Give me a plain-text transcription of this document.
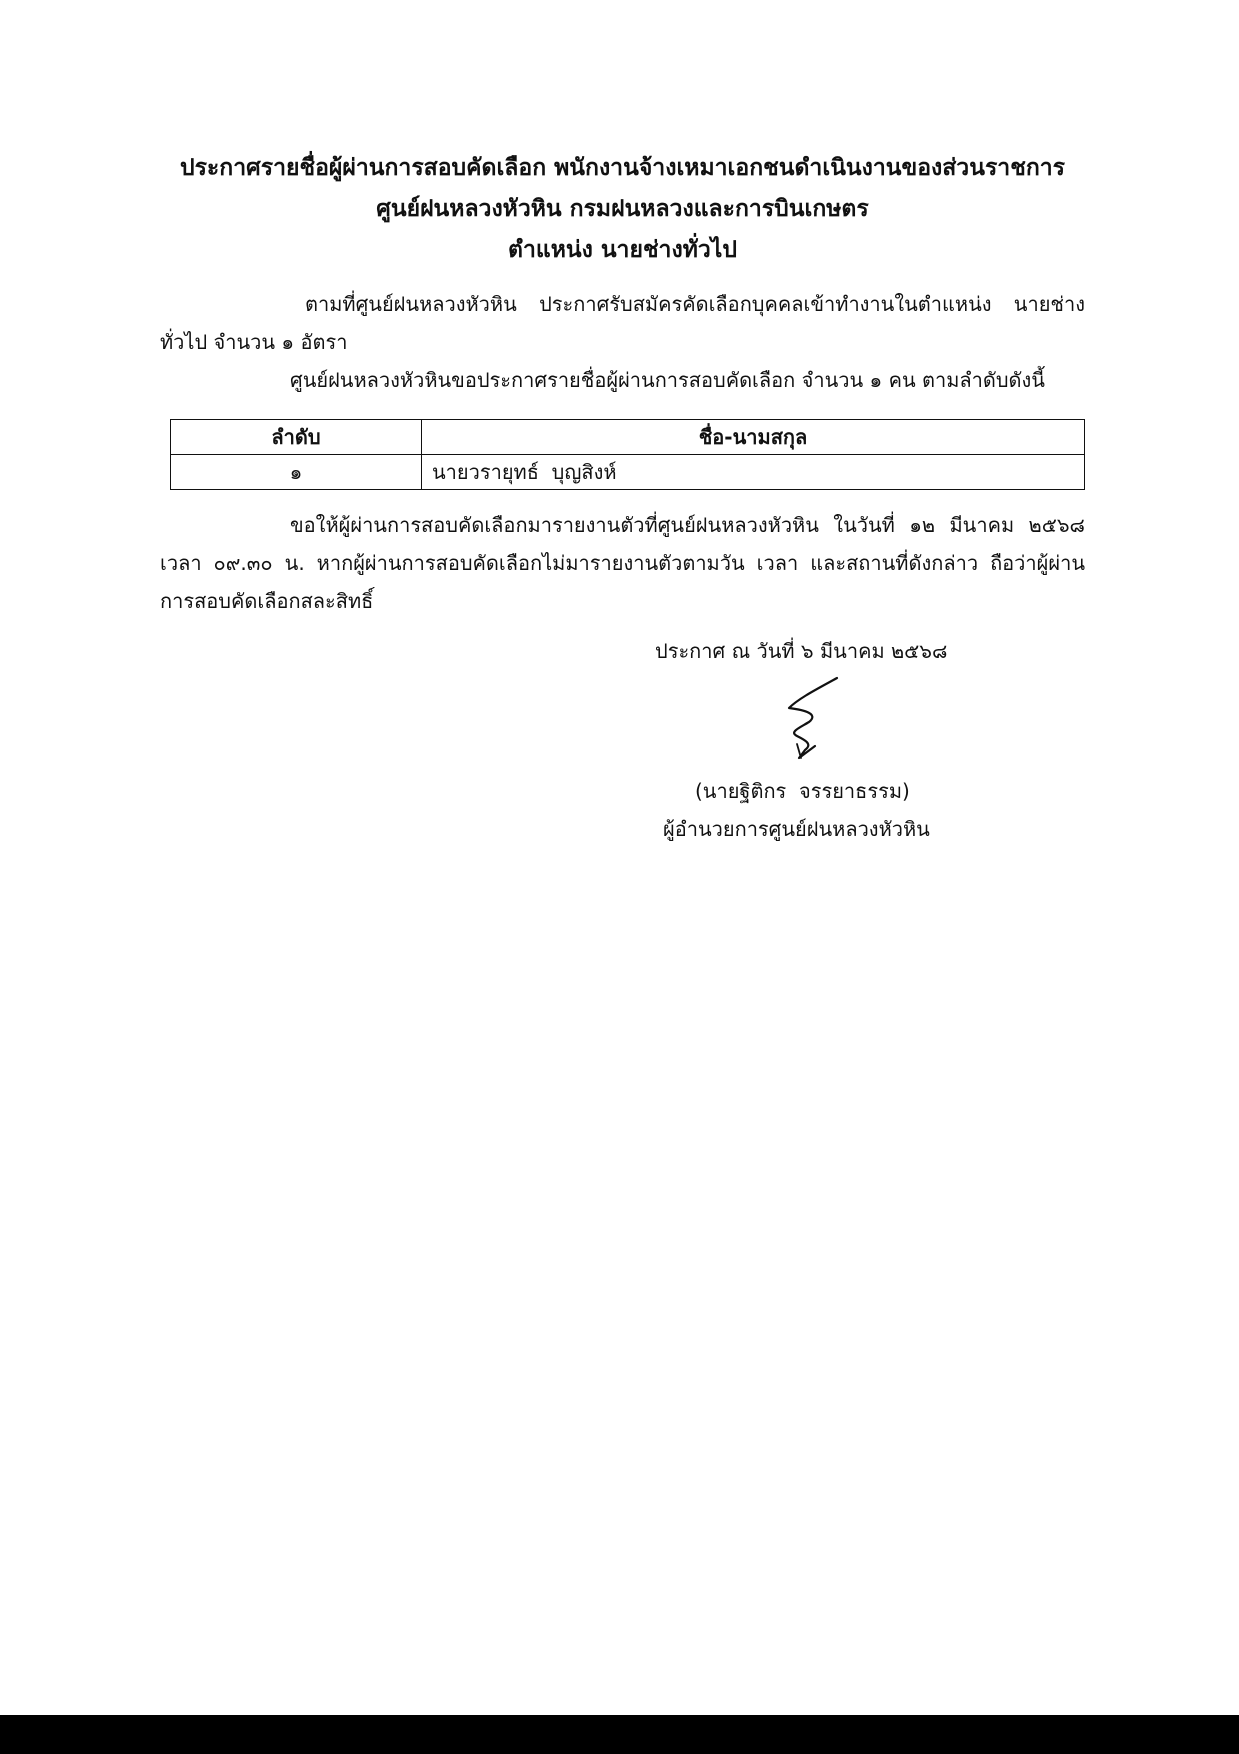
ประกาศรายชื่อผู้ผ่านการสอบคัดเลือก พนักงานจ้างเหมาเอกชนดำเนินงานของส่วนราชการ
ศูนย์ฝนหลวงหัวหิน กรมฝนหลวงและการบินเกษตร
ตำแหน่ง นายช่างทั่วไป

ตามที่ศูนย์ฝนหลวงหัวหิน ประกาศรับสมัครคัดเลือกบุคคลเข้าทำงานในตำแหน่ง นายช่างทั่วไป จำนวน ๑ อัตรา

ศูนย์ฝนหลวงหัวหินขอประกาศรายชื่อผู้ผ่านการสอบคัดเลือก จำนวน ๑ คน ตามลำดับดังนี้

ลำดับ	ชื่อ-นามสกุล
๑	นายวรายุทธ์  บุญสิงห์

ขอให้ผู้ผ่านการสอบคัดเลือกมารายงานตัวที่ศูนย์ฝนหลวงหัวหิน ในวันที่ ๑๒ มีนาคม ๒๕๖๘ เวลา ๐๙.๓๐ น. หากผู้ผ่านการสอบคัดเลือกไม่มารายงานตัวตามวัน เวลา และสถานที่ดังกล่าว ถือว่าผู้ผ่านการสอบคัดเลือกสละสิทธิ์

ประกาศ ณ วันที่ ๖ มีนาคม ๒๕๖๘
(นายฐิติกร  จรรยาธรรม)
ผู้อำนวยการศูนย์ฝนหลวงหัวหิน
